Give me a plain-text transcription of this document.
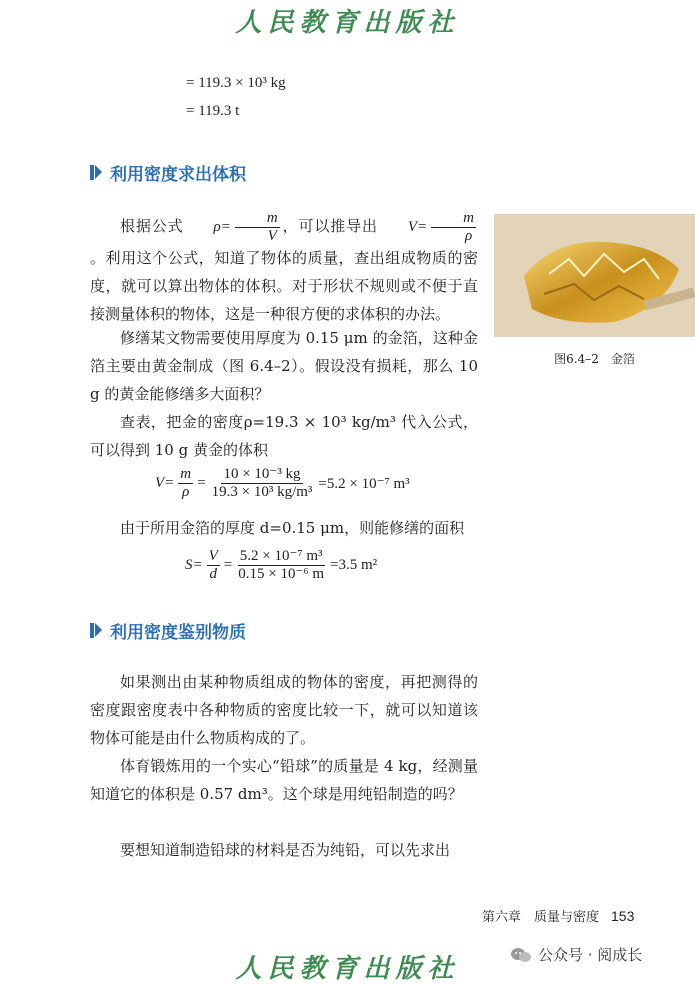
人民教育出版社
= 119.3 × 10³ kg
= 119.3 t
利用密度求出体积

根据公式	$\rho= \frac{m}{V}$ ，可以推导出	$V= \frac{m}{\rho}$
。利用这个公式，知道了物体的质量，查出组成物质的密度，就可以算出物体的体积。对于形状不规则或不便于直接测量体积的物体，这是一种很方便的求体积的办法。

修缮某文物需要使用厚度为 0.15 μm 的金箔，这种金箔主要由黄金制成（图 6.4–2）。假设没有损耗，那么 10 g 的黄金能修缮多大面积？

查表，把金的密度ρ=19.3 × 10³ kg/m³ 代入公式，可以得到 10 g 黄金的体积

$V= \frac{m}{\rho} = \frac{\text{10 × 10⁻³ kg}}{\text{19.3 × 10³ kg/m³}} =5.2 \times 10^{-7}$ m³

由于所用金箔的厚度 d=0.15 μm，则能修缮的面积

$S= \frac{V}{d} = \frac{\text{5.2 × 10⁻⁷ m³}}{\text{0.15 × 10⁻⁶ m}} =3.5$ m²
图6.4–2　金箔
利用密度鉴别物质

如果测出由某种物质组成的物体的密度，再把测得的密度跟密度表中各种物质的密度比较一下，就可以知道该物体可能是由什么物质构成的了。

体育锻炼用的一个实心“铅球”的质量是 4 kg，经测量知道它的体积是 0.57 dm³。这个球是用纯铅制造的吗？

要想知道制造铅球的材料是否为纯铅，可以先求出

第六章　质量与密度 153
人民教育出版社	公众号 · 阅成长
